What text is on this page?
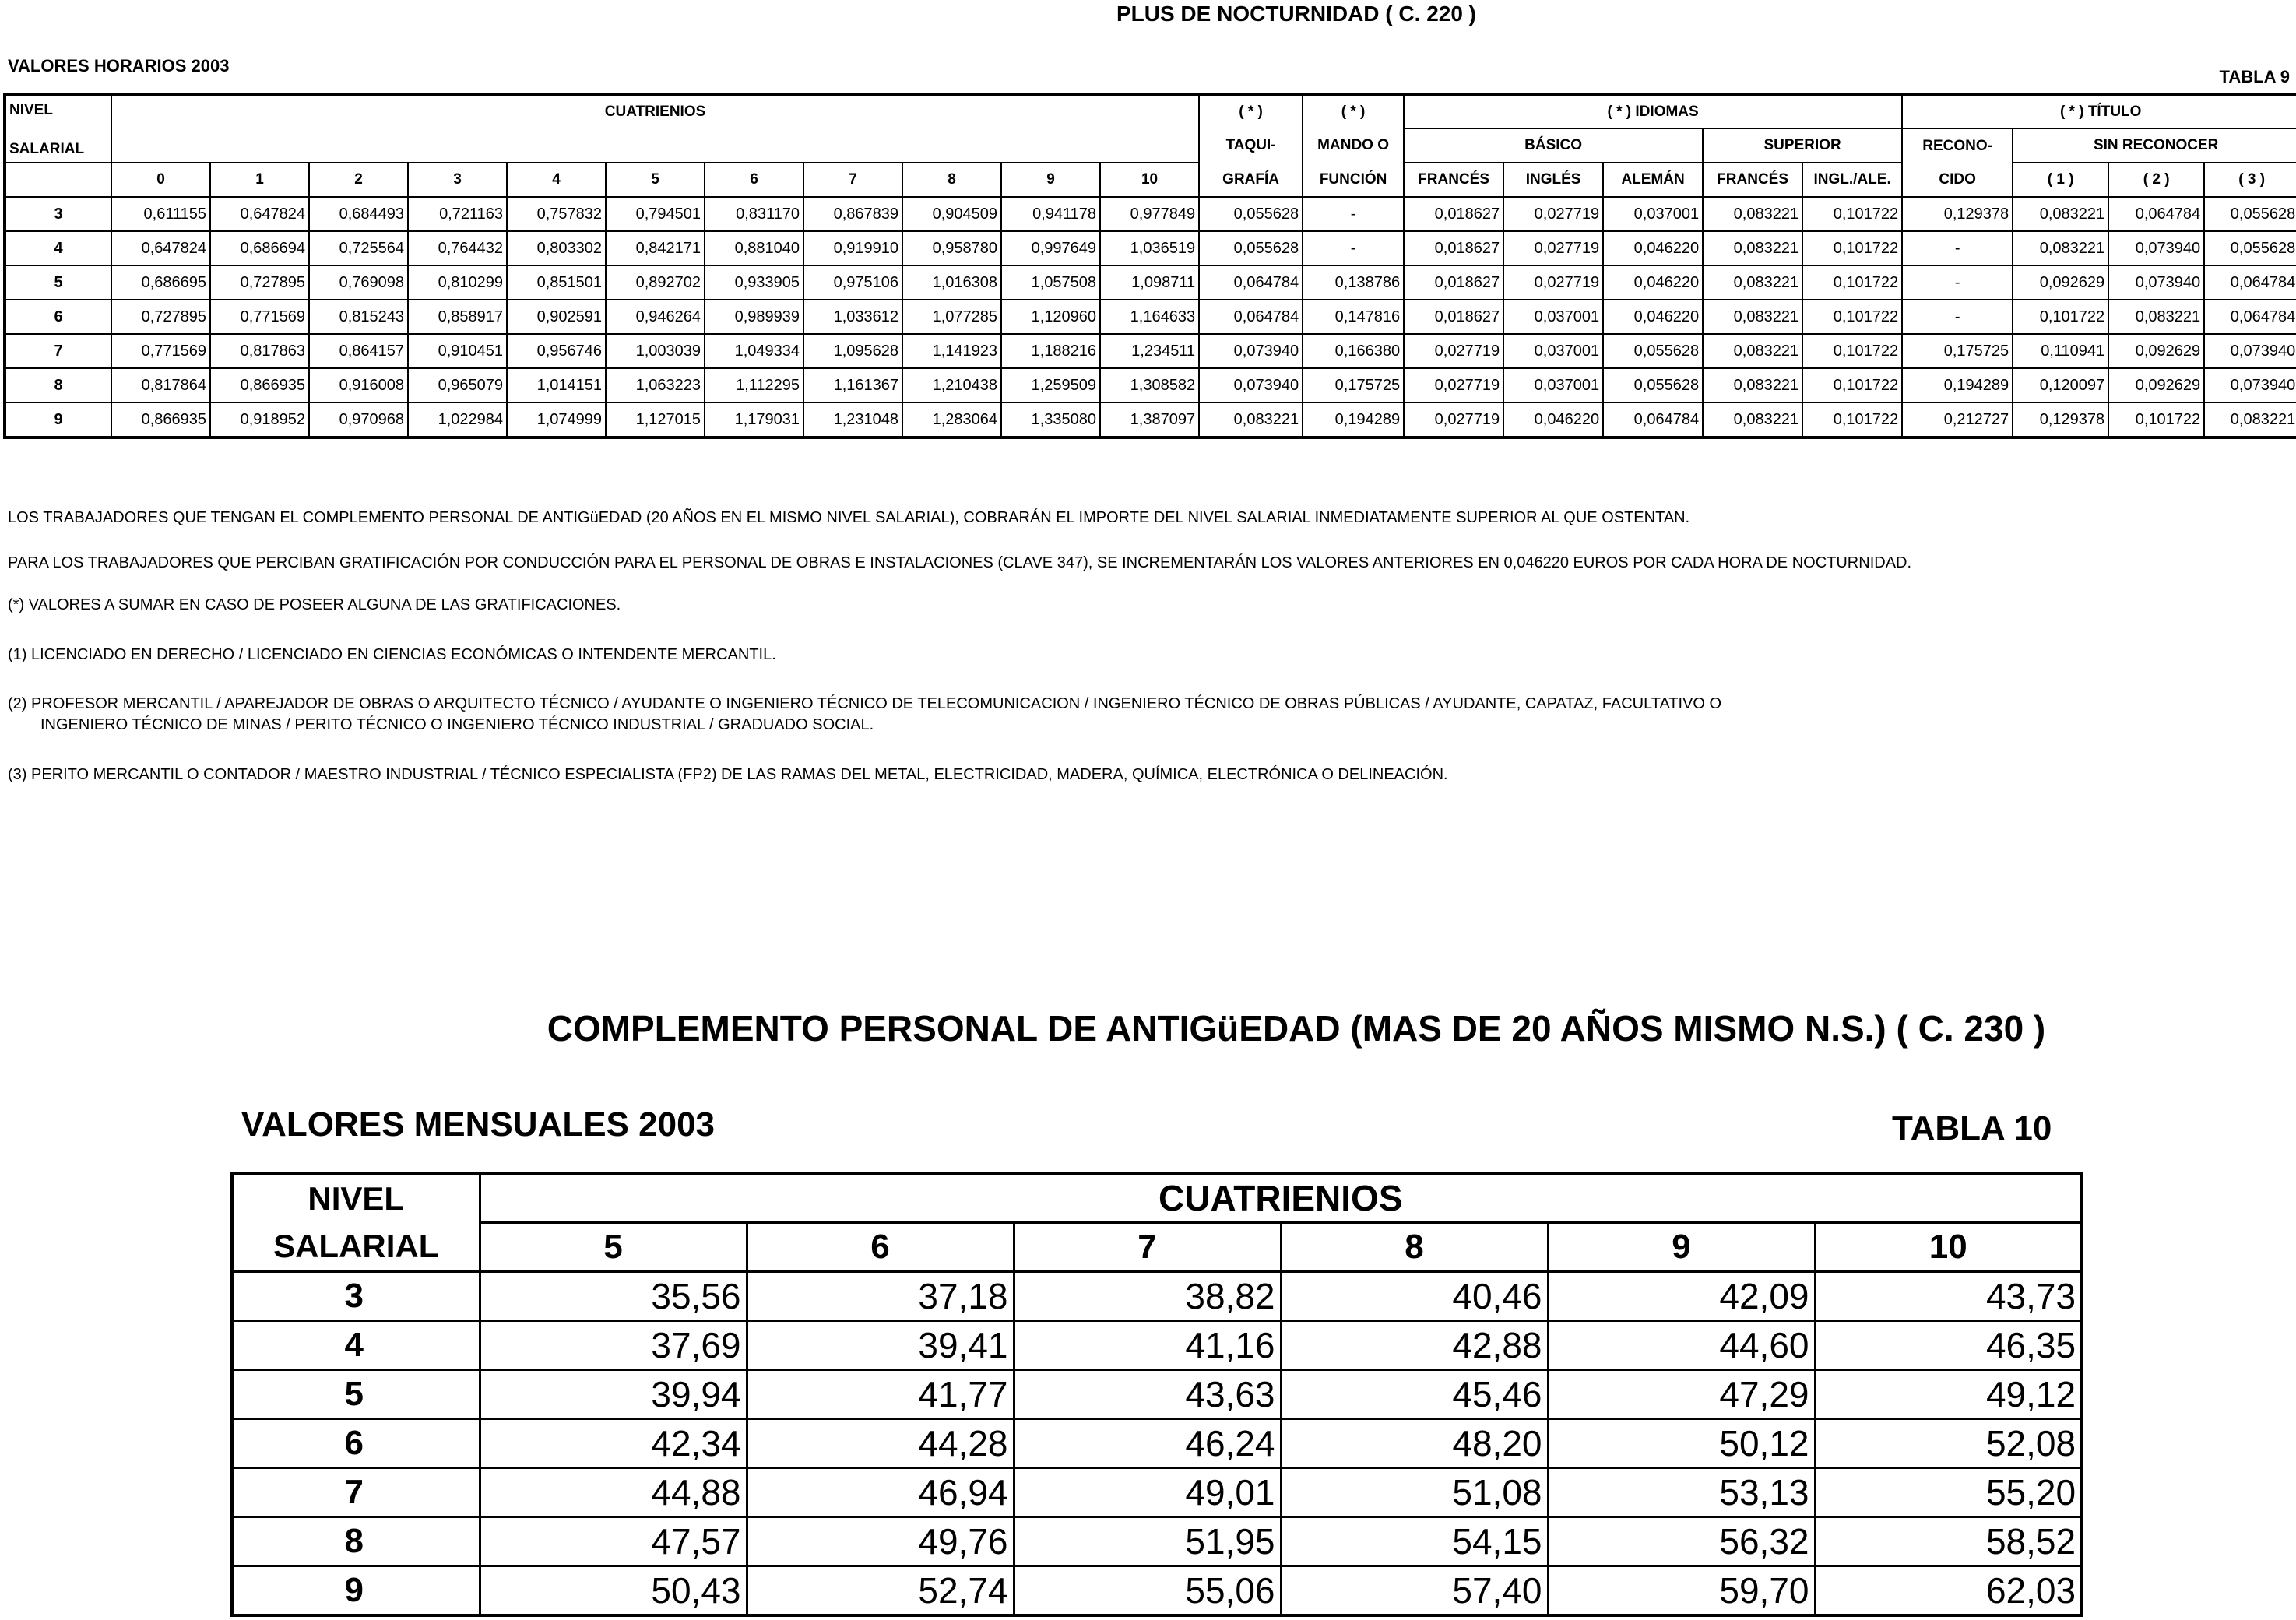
PLUS DE NOCTURNIDAD ( C. 220 )
VALORES HORARIOS 2003
TABLA 9
NIVEL
SALARIAL	CUATRIENIOS											( * )	( * )	( * ) IDIOMAS					( * ) TÍTULO			
												TAQUI-	MANDO O	BÁSICO			SUPERIOR		RECONO-	SIN RECONOCER		
	0	1	2	3	4	5	6	7	8	9	10	GRAFÍA	FUNCIÓN	FRANCÉS	INGLÉS	ALEMÁN	FRANCÉS	INGL./ALE.	CIDO	( 1 )	( 2 )	( 3 )
3	0,611155	0,647824	0,684493	0,721163	0,757832	0,794501	0,831170	0,867839	0,904509	0,941178	0,977849	0,055628	-	0,018627	0,027719	0,037001	0,083221	0,101722	0,129378	0,083221	0,064784	0,055628
4	0,647824	0,686694	0,725564	0,764432	0,803302	0,842171	0,881040	0,919910	0,958780	0,997649	1,036519	0,055628	-	0,018627	0,027719	0,046220	0,083221	0,101722	-	0,083221	0,073940	0,055628
5	0,686695	0,727895	0,769098	0,810299	0,851501	0,892702	0,933905	0,975106	1,016308	1,057508	1,098711	0,064784	0,138786	0,018627	0,027719	0,046220	0,083221	0,101722	-	0,092629	0,073940	0,064784
6	0,727895	0,771569	0,815243	0,858917	0,902591	0,946264	0,989939	1,033612	1,077285	1,120960	1,164633	0,064784	0,147816	0,018627	0,037001	0,046220	0,083221	0,101722	-	0,101722	0,083221	0,064784
7	0,771569	0,817863	0,864157	0,910451	0,956746	1,003039	1,049334	1,095628	1,141923	1,188216	1,234511	0,073940	0,166380	0,027719	0,037001	0,055628	0,083221	0,101722	0,175725	0,110941	0,092629	0,073940
8	0,817864	0,866935	0,916008	0,965079	1,014151	1,063223	1,112295	1,161367	1,210438	1,259509	1,308582	0,073940	0,175725	0,027719	0,037001	0,055628	0,083221	0,101722	0,194289	0,120097	0,092629	0,073940
9	0,866935	0,918952	0,970968	1,022984	1,074999	1,127015	1,179031	1,231048	1,283064	1,335080	1,387097	0,083221	0,194289	0,027719	0,046220	0,064784	0,083221	0,101722	0,212727	0,129378	0,101722	0,083221
LOS TRABAJADORES QUE TENGAN EL COMPLEMENTO PERSONAL DE ANTIGüEDAD (20 AÑOS EN EL MISMO NIVEL SALARIAL), COBRARÁN EL IMPORTE DEL NIVEL SALARIAL INMEDIATAMENTE SUPERIOR AL QUE OSTENTAN.
PARA LOS TRABAJADORES QUE PERCIBAN GRATIFICACIÓN POR CONDUCCIÓN PARA EL PERSONAL DE OBRAS E INSTALACIONES (CLAVE 347), SE INCREMENTARÁN LOS VALORES ANTERIORES EN 0,046220 EUROS POR CADA HORA DE NOCTURNIDAD.
(*) VALORES A SUMAR EN CASO DE POSEER ALGUNA DE LAS GRATIFICACIONES.
(1) LICENCIADO EN DERECHO / LICENCIADO EN CIENCIAS ECONÓMICAS O INTENDENTE MERCANTIL.
(2) PROFESOR MERCANTIL / APAREJADOR DE OBRAS O ARQUITECTO TÉCNICO / AYUDANTE O INGENIERO TÉCNICO DE TELECOMUNICACION / INGENIERO TÉCNICO DE OBRAS PÚBLICAS / AYUDANTE, CAPATAZ, FACULTATIVO O
INGENIERO TÉCNICO DE MINAS / PERITO TÉCNICO O INGENIERO TÉCNICO INDUSTRIAL / GRADUADO SOCIAL.
(3) PERITO MERCANTIL O CONTADOR / MAESTRO INDUSTRIAL / TÉCNICO ESPECIALISTA (FP2) DE LAS RAMAS DEL METAL, ELECTRICIDAD, MADERA, QUÍMICA, ELECTRÓNICA O DELINEACIÓN.
COMPLEMENTO PERSONAL DE ANTIGüEDAD (MAS DE 20 AÑOS MISMO N.S.) ( C. 230 )
VALORES MENSUALES 2003	TABLA 10
NIVEL	CUATRIENIOS					
SALARIAL	5	6	7	8	9	10
3	35,56	37,18	38,82	40,46	42,09	43,73
4	37,69	39,41	41,16	42,88	44,60	46,35
5	39,94	41,77	43,63	45,46	47,29	49,12
6	42,34	44,28	46,24	48,20	50,12	52,08
7	44,88	46,94	49,01	51,08	53,13	55,20
8	47,57	49,76	51,95	54,15	56,32	58,52
9	50,43	52,74	55,06	57,40	59,70	62,03
